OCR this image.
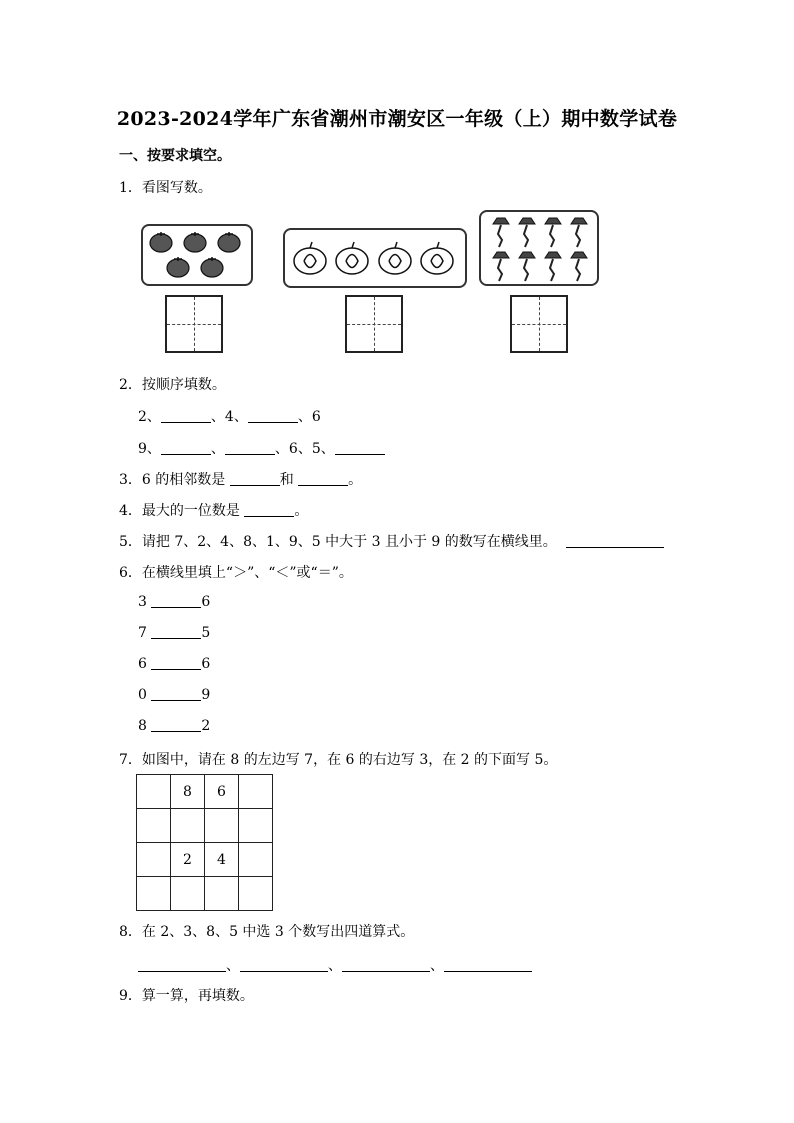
2023-2024学年广东省潮州市潮安区一年级（上）期中数学试卷
一、按要求填空。
1．看图写数。
2．按顺序填数。
2、	、4、	、6
9、	、	、6、5、
3．6 的相邻数是	和	。
4．最大的一位数是	。
5．请把 7、2、4、8、1、9、5 中大于 3 且小于 9 的数写在横线里。
6．在横线里填上“＞”、“＜”或“＝”。
3	6
7	5
6	6
0	9
8	2
7．如图中，请在 8 的左边写 7，在 6 的右边写 3，在 2 的下面写 5。
	8	6	

	2	4	

8．在 2、3、8、5 中选 3 个数写出四道算式。
、	、	、
9．算一算，再填数。
